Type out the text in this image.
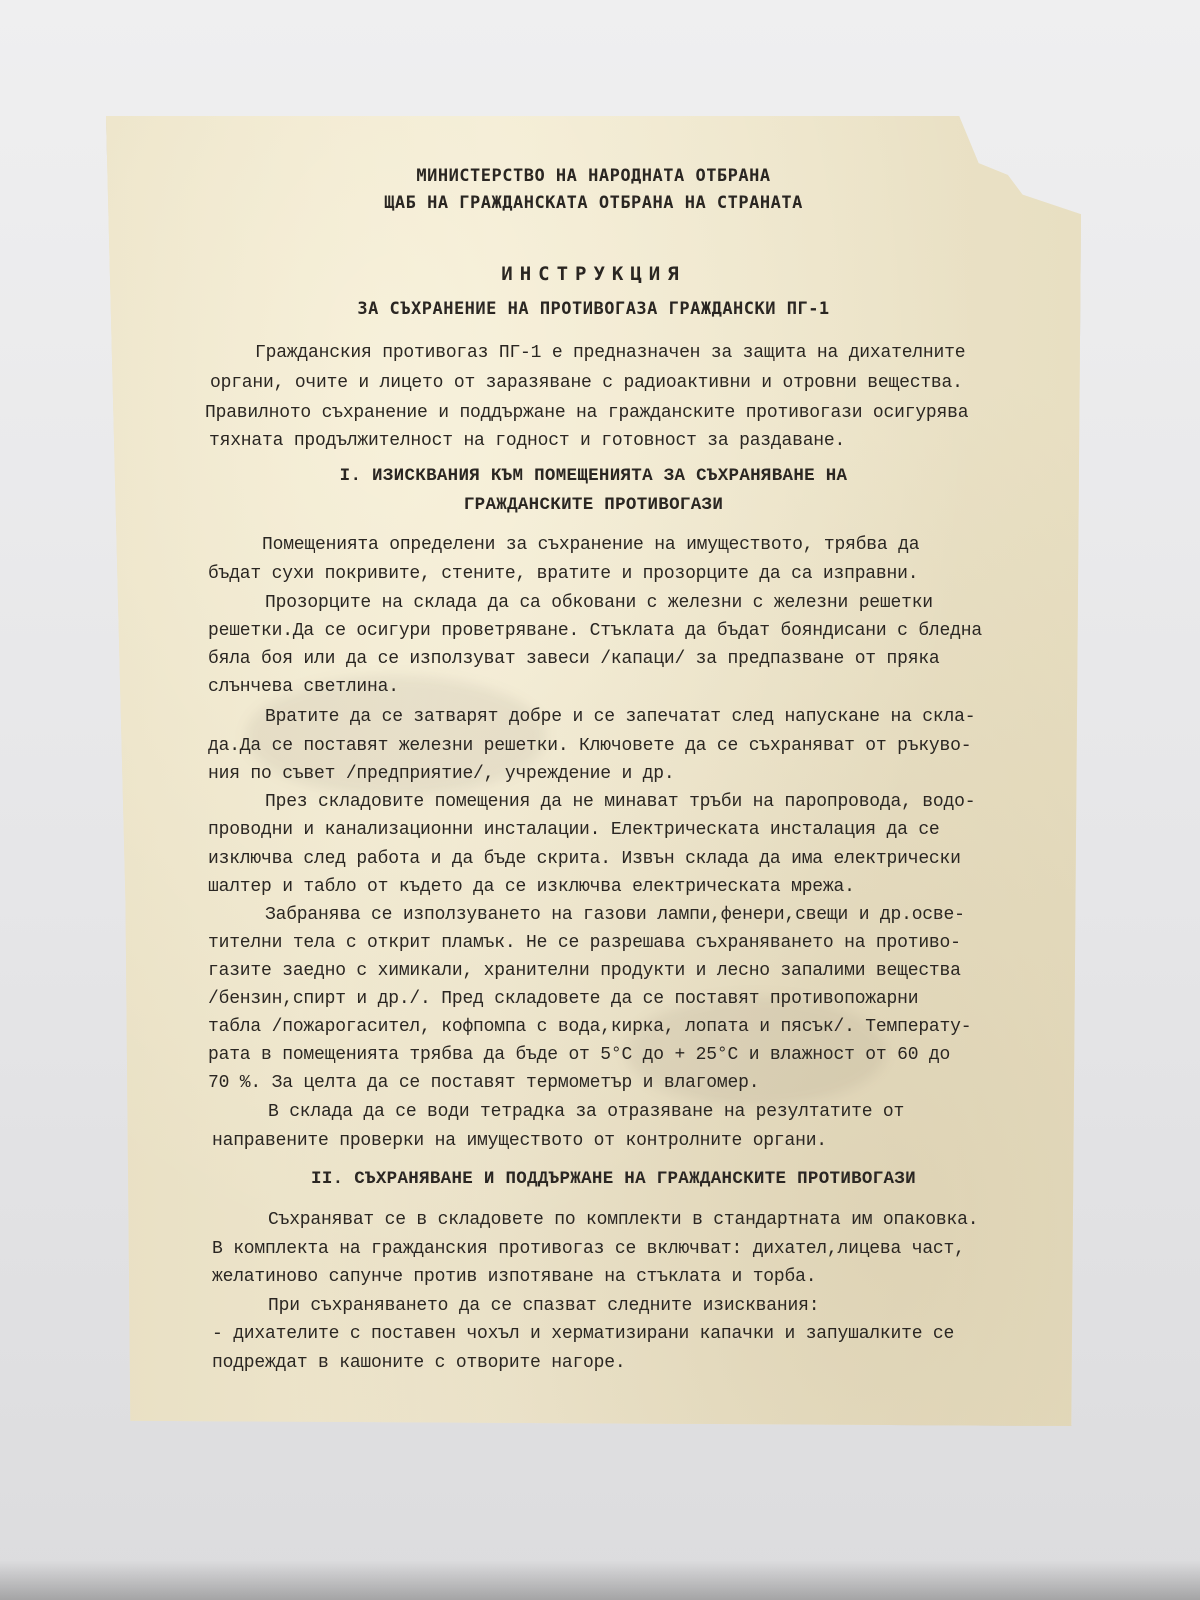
МИНИСТЕРСТВО НА НАРОДНАТА ОТБРАНА
ЩАБ НА ГРАЖДАНСКАТА ОТБРАНА НА СТРАНАТА
ИНСТРУКЦИЯ
ЗА СЪХРАНЕНИЕ НА ПРОТИВОГАЗА ГРАЖДАНСКИ ПГ-1
Гражданския противогаз ПГ-1 е предназначен за защита на дихателните
органи, очите и лицето от заразяване с радиоактивни и отровни вещества.
Правилното съхранение и поддържане на гражданските противогази осигурява
тяхната продължителност на годност и готовност за раздаване.
I. ИЗИСКВАНИЯ КЪМ ПОМЕЩЕНИЯТА ЗА СЪХРАНЯВАНЕ НА
ГРАЖДАНСКИТЕ ПРОТИВОГАЗИ
Помещенията определени за съхранение на имуществото, трябва да
бъдат сухи покривите, стените, вратите и прозорците да са изправни.
Прозорците на склада да са обковани с железни с железни решетки
решетки.Да се осигури проветряване. Стъклата да бъдат бояндисани с бледна
бяла боя или да се използуват завеси /капаци/ за предпазване от пряка
слънчева светлина.
Вратите да се затварят добре и се запечатат след напускане на скла-
да.Да се поставят железни решетки. Ключовете да се съхраняват от ръкуво-
ния по съвет /предприятие/, учреждение и др.
През складовите помещения да не минават тръби на паропровода, водо-
проводни и канализационни инсталации. Електрическата инсталация да се
изключва след работа и да бъде скрита. Извън склада да има електрически
шалтер и табло от където да се изключва електрическата мрежа.
Забранява се използуването на газови лампи,фенери,свещи и др.осве-
тителни тела с открит пламък. Не се разрешава съхраняването на противо-
газите заедно с химикали, хранителни продукти и лесно запалими вещества
/бензин,спирт и др./. Пред складовете да се поставят противопожарни
табла /пожарогасител, кофпомпа с вода,кирка, лопата и пясък/. Температу-
рата в помещенията трябва да бъде от 5°С до + 25°С и влажност от 60 до
70 %. За целта да се поставят термометър и влагомер.
В склада да се води тетрадка за отразяване на резултатите от
направените проверки на имуществото от контролните органи.
II. СЪХРАНЯВАНЕ И ПОДДЪРЖАНЕ НА ГРАЖДАНСКИТЕ ПРОТИВОГАЗИ
Съхраняват се в складовете по комплекти в стандартната им опаковка.
В комплекта на гражданския противогаз се включват: дихател,лицева част,
желатиново сапунче против изпотяване на стъклата и торба.
При съхраняването да се спазват следните изисквания:
- дихателите с поставен чохъл и херматизирани капачки и запушалките се
подреждат в кашоните с отворите нагоре.
